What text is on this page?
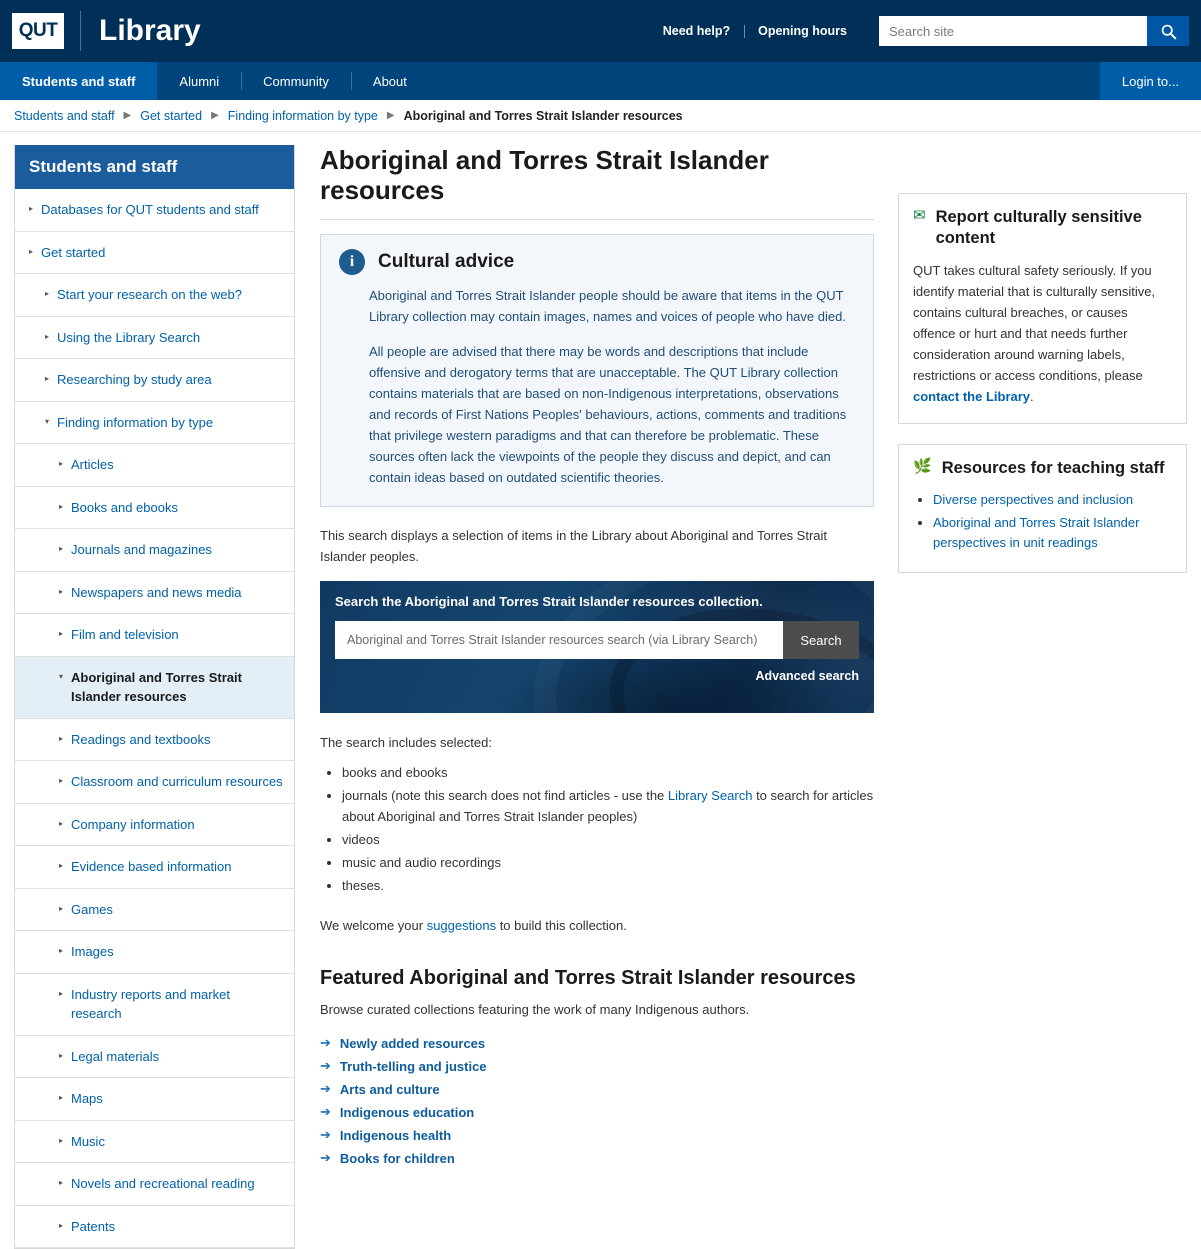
QUT Library	Need help?	Opening hours
Search site
Students and staff	Alumni	Community	About	Login to...
Students and staff ▶ Get started ▶ Finding information by type ▶ Aboriginal and Torres Strait Islander resources
Students and staff
▸ Databases for QUT students and staff
▸ Get started
▸ Start your research on the web?
▸ Using the Library Search
▸ Researching by study area
▾ Finding information by type
▸ Articles
▸ Books and ebooks
▸ Journals and magazines
▸ Newspapers and news media
▸ Film and television
▾ Aboriginal and Torres Strait Islander resources
▸ Readings and textbooks
▸ Classroom and curriculum resources
▸ Company information
▸ Evidence based information
▸ Games
▸ Images
▸ Industry reports and market research
▸ Legal materials
▸ Maps
▸ Music
▸ Novels and recreational reading
▸ Patents
Aboriginal and Torres Strait Islander resources
i	Cultural advice

Aboriginal and Torres Strait Islander people should be aware that items in the QUT Library collection may contain images, names and voices of people who have died.

All people are advised that there may be words and descriptions that include offensive and derogatory terms that are unacceptable. The QUT Library collection contains materials that are based on non-Indigenous interpretations, observations and records of First Nations Peoples' behaviours, actions, comments and traditions that privilege western paradigms and that can therefore be problematic. These sources often lack the viewpoints of the people they discuss and depict, and can contain ideas based on outdated scientific theories.

This search displays a selection of items in the Library about Aboriginal and Torres Strait Islander peoples.

Search the Aboriginal and Torres Strait Islander resources collection.
Aboriginal and Torres Strait Islander resources search (via Library Search)
Search
Advanced search

The search includes selected:

• books and ebooks
• journals (note this search does not find articles - use the Library Search to search for articles about Aboriginal and Torres Strait Islander peoples)
• videos
• music and audio recordings
• theses.

We welcome your suggestions to build this collection.

Featured Aboriginal and Torres Strait Islander resources

Browse curated collections featuring the work of many Indigenous authors.

➔ Newly added resources
➔ Truth-telling and justice
➔ Arts and culture
➔ Indigenous education
➔ Indigenous health
➔ Books for children
✉ Report culturally sensitive content
QUT takes cultural safety seriously. If you identify material that is culturally sensitive, contains cultural breaches, or causes offence or hurt and that needs further consideration around warning labels, restrictions or access conditions, please contact the Library.
🌿 Resources for teaching staff
• Diverse perspectives and inclusion
• Aboriginal and Torres Strait Islander perspectives in unit readings
